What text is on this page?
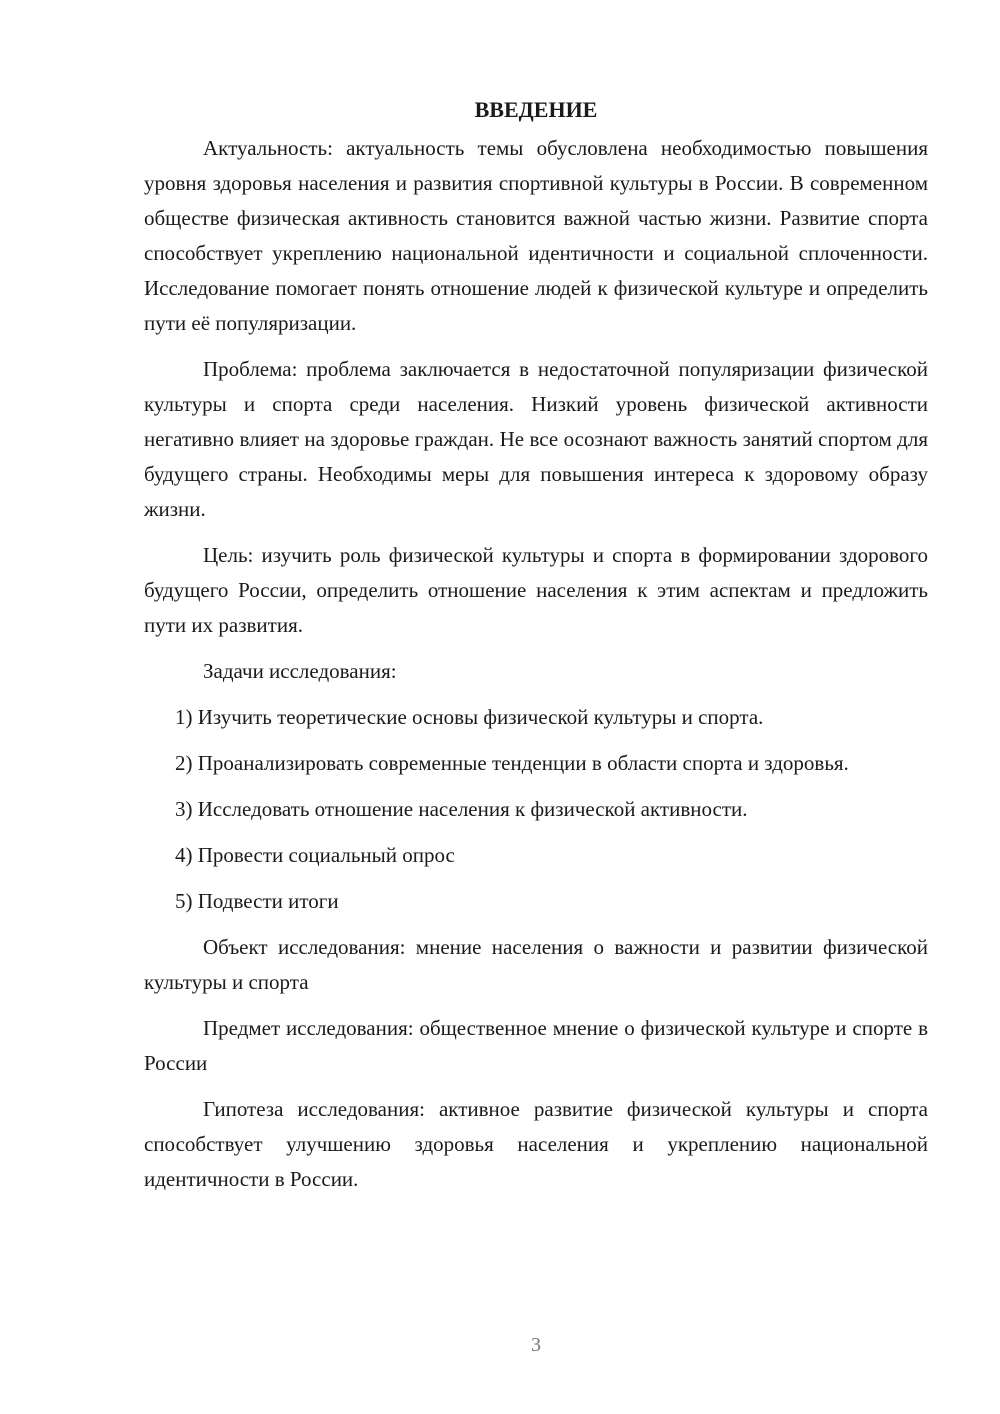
ВВЕДЕНИЕ

Актуальность: актуальность темы обусловлена необходимостью повышения уровня здоровья населения и развития спортивной культуры в России. В современном обществе физическая активность становится важной частью жизни. Развитие спорта способствует укреплению национальной идентичности и социальной сплоченности. Исследование помогает понять отношение людей к физической культуре и определить пути её популяризации.

Проблема: проблема заключается в недостаточной популяризации физической культуры и спорта среди населения. Низкий уровень физической активности негативно влияет на здоровье граждан. Не все осознают важность занятий спортом для будущего страны. Необходимы меры для повышения интереса к здоровому образу жизни.

Цель: изучить роль физической культуры и спорта в формировании здорового будущего России, определить отношение населения к этим аспектам и предложить пути их развития.

Задачи исследования:

1) Изучить теоретические основы физической культуры и спорта.

2) Проанализировать современные тенденции в области спорта и здоровья.

3) Исследовать отношение населения к физической активности.

4) Провести социальный опрос

5) Подвести итоги

Объект исследования: мнение населения о важности и развитии физической культуры и спорта

Предмет исследования: общественное мнение о физической культуре и спорте в России

Гипотеза исследования: активное развитие физической культуры и спорта способствует улучшению здоровья населения и укреплению национальной идентичности в России.

3
